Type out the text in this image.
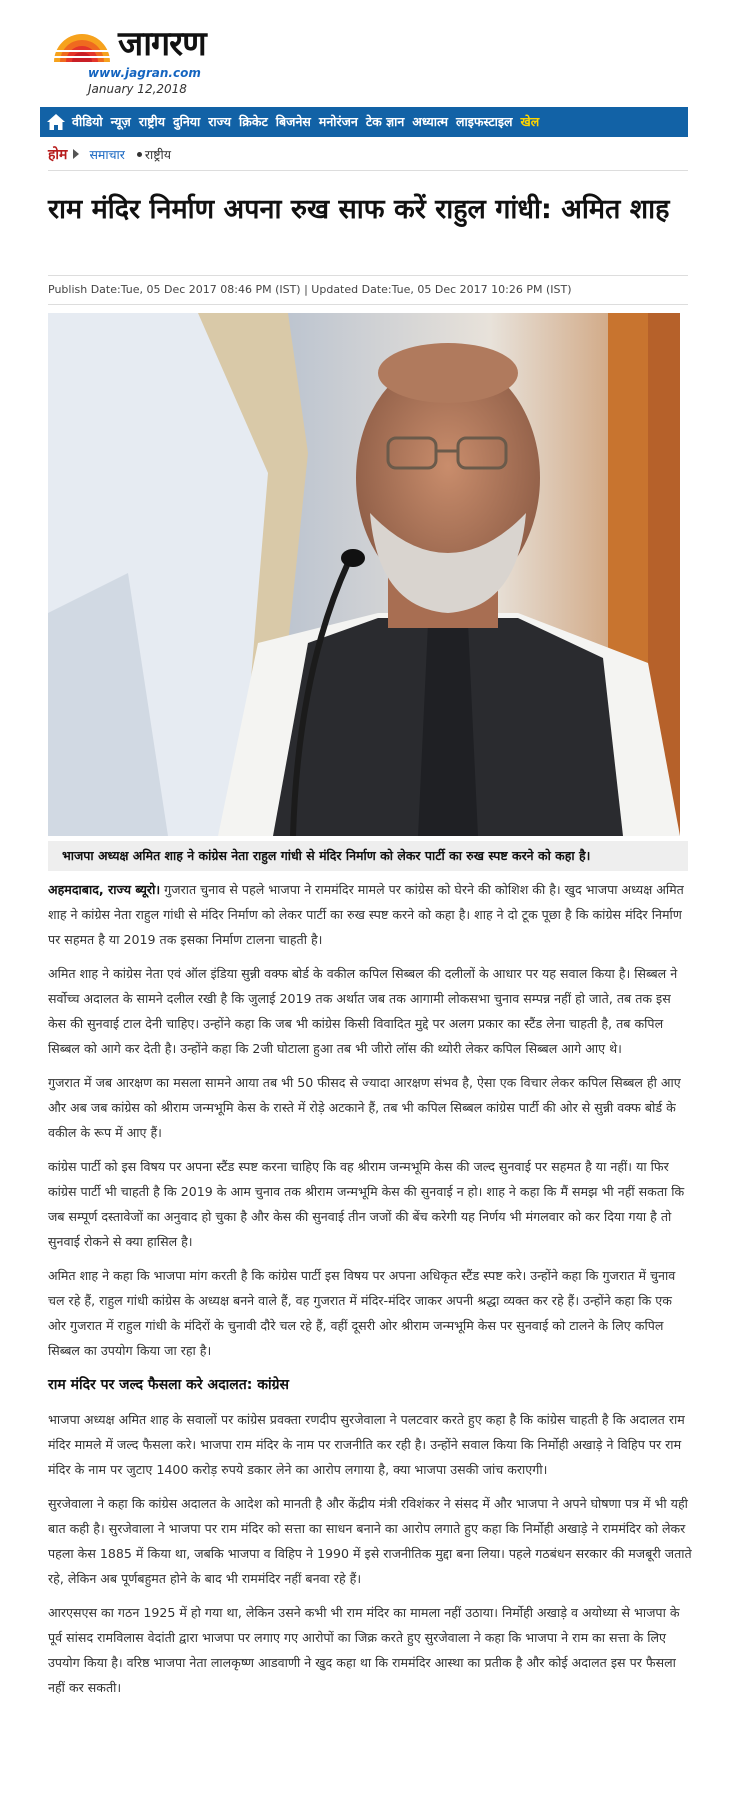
जागरण
www.jagran.com
January 12,2018
वीडियो न्यूज़ राष्ट्रीय दुनिया राज्य क्रिकेट बिजनेस मनोरंजन टेक ज्ञान अध्यात्म लाइफस्टाइल खेल
होम समाचार राष्ट्रीय
राम मंदिर निर्माण अपना रुख साफ करें राहुल गांधी: अमित शाह
Publish Date:Tue, 05 Dec 2017 08:46 PM (IST) | Updated Date:Tue, 05 Dec 2017 10:26 PM (IST)
भाजपा अध्यक्ष अमित शाह ने कांग्रेस नेता राहुल गांधी से मंदिर निर्माण को लेकर पार्टी का रुख स्पष्ट करने को कहा है।

अहमदाबाद, राज्य ब्यूरो। गुजरात चुनाव से पहले भाजपा ने राममंदिर मामले पर कांग्रेस को घेरने की कोशिश की है। खुद भाजपा अध्यक्ष अमित शाह ने कांग्रेस नेता राहुल गांधी से मंदिर निर्माण को लेकर पार्टी का रुख स्पष्ट करने को कहा है। शाह ने दो टूक पूछा है कि कांग्रेस मंदिर निर्माण पर सहमत है या 2019 तक इसका निर्माण टालना चाहती है।

अमित शाह ने कांग्रेस नेता एवं ऑल इंडिया सुन्नी वक्फ बोर्ड के वकील कपिल सिब्बल की दलीलों के आधार पर यह सवाल किया है। सिब्बल ने सर्वोच्च अदालत के सामने दलील रखी है कि जुलाई 2019 तक अर्थात जब तक आगामी लोकसभा चुनाव सम्पन्न नहीं हो जाते, तब तक इस केस की सुनवाई टाल देनी चाहिए। उन्होंने कहा कि जब भी कांग्रेस किसी विवादित मुद्दे पर अलग प्रकार का स्टैंड लेना चाहती है, तब कपिल सिब्बल को आगे कर देती है। उन्होंने कहा कि 2जी घोटाला हुआ तब भी जीरो लॉस की थ्योरी लेकर कपिल सिब्बल आगे आए थे।

गुजरात में जब आरक्षण का मसला सामने आया तब भी 50 फीसद से ज्यादा आरक्षण संभव है, ऐसा एक विचार लेकर कपिल सिब्बल ही आए और अब जब कांग्रेस को श्रीराम जन्मभूमि केस के रास्ते में रोड़े अटकाने हैं, तब भी कपिल सिब्बल कांग्रेस पार्टी की ओर से सुन्नी वक्फ बोर्ड के वकील के रूप में आए हैं।

कांग्रेस पार्टी को इस विषय पर अपना स्टैंड स्पष्ट करना चाहिए कि वह श्रीराम जन्मभूमि केस की जल्द सुनवाई पर सहमत है या नहीं। या फिर कांग्रेस पार्टी भी चाहती है कि 2019 के आम चुनाव तक श्रीराम जन्मभूमि केस की सुनवाई न हो। शाह ने कहा कि मैं समझ भी नहीं सकता कि जब सम्पूर्ण दस्तावेजों का अनुवाद हो चुका है और केस की सुनवाई तीन जजों की बेंच करेगी यह निर्णय भी मंगलवार को कर दिया गया है तो सुनवाई रोकने से क्या हासिल है।

अमित शाह ने कहा कि भाजपा मांग करती है कि कांग्रेस पार्टी इस विषय पर अपना अधिकृत स्टैंड स्पष्ट करे। उन्होंने कहा कि गुजरात में चुनाव चल रहे हैं, राहुल गांधी कांग्रेस के अध्यक्ष बनने वाले हैं, वह गुजरात में मंदिर-मंदिर जाकर अपनी श्रद्धा व्यक्त कर रहे हैं। उन्होंने कहा कि एक ओर गुजरात में राहुल गांधी के मंदिरों के चुनावी दौरे चल रहे हैं, वहीं दूसरी ओर श्रीराम जन्मभूमि केस पर सुनवाई को टालने के लिए कपिल सिब्बल का उपयोग किया जा रहा है।

राम मंदिर पर जल्द फैसला करे अदालत: कांग्रेस

भाजपा अध्यक्ष अमित शाह के सवालों पर कांग्रेस प्रवक्ता रणदीप सुरजेवाला ने पलटवार करते हुए कहा है कि कांग्रेस चाहती है कि अदालत राम मंदिर मामले में जल्द फैसला करे। भाजपा राम मंदिर के नाम पर राजनीति कर रही है। उन्होंने सवाल किया कि निर्मोही अखाड़े ने विहिप पर राम मंदिर के नाम पर जुटाए 1400 करोड़ रुपये डकार लेने का आरोप लगाया है, क्या भाजपा उसकी जांच कराएगी।

सुरजेवाला ने कहा कि कांग्रेस अदालत के आदेश को मानती है और केंद्रीय मंत्री रविशंकर ने संसद में और भाजपा ने अपने घोषणा पत्र में भी यही बात कही है। सुरजेवाला ने भाजपा पर राम मंदिर को सत्ता का साधन बनाने का आरोप लगाते हुए कहा कि निर्मोही अखाड़े ने राममंदिर को लेकर पहला केस 1885 में किया था, जबकि भाजपा व विहिप ने 1990 में इसे राजनीतिक मुद्दा बना लिया। पहले गठबंधन सरकार की मजबूरी जताते रहे, लेकिन अब पूर्णबहुमत होने के बाद भी राममंदिर नहीं बनवा रहे हैं।

आरएसएस का गठन 1925 में हो गया था, लेकिन उसने कभी भी राम मंदिर का मामला नहीं उठाया। निर्मोही अखाड़े व अयोध्या से भाजपा के पूर्व सांसद रामविलास वेदांती द्वारा भाजपा पर लगाए गए आरोपों का जिक्र करते हुए सुरजेवाला ने कहा कि भाजपा ने राम का सत्ता के लिए उपयोग किया है। वरिष्ठ भाजपा नेता लालकृष्ण आडवाणी ने खुद कहा था कि राममंदिर आस्था का प्रतीक है और कोई अदालत इस पर फैसला नहीं कर सकती।
